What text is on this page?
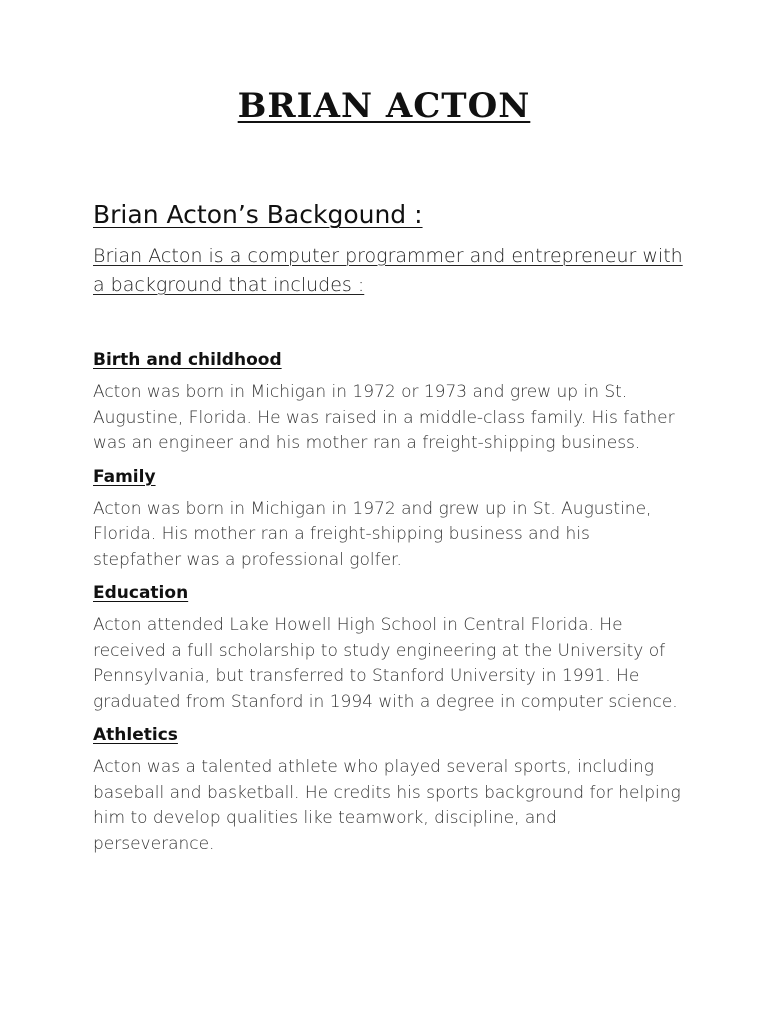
BRIAN ACTON
Brian Acton’s Backgound :

Brian Acton is a computer programmer and entrepreneur with a background that includes :

Birth and childhood

Acton was born in Michigan in 1972 or 1973 and grew up in St. Augustine, Florida. He was raised in a middle-class family. His father was an engineer and his mother ran a freight-shipping business.

Family

Acton was born in Michigan in 1972 and grew up in St. Augustine, Florida. His mother ran a freight-shipping business and his stepfather was a professional golfer.

Education

Acton attended Lake Howell High School in Central Florida. He received a full scholarship to study engineering at the University of Pennsylvania, but transferred to Stanford University in 1991. He graduated from Stanford in 1994 with a degree in computer science.

Athletics

Acton was a talented athlete who played several sports, including baseball and basketball. He credits his sports background for helping him to develop qualities like teamwork, discipline, and perseverance.
